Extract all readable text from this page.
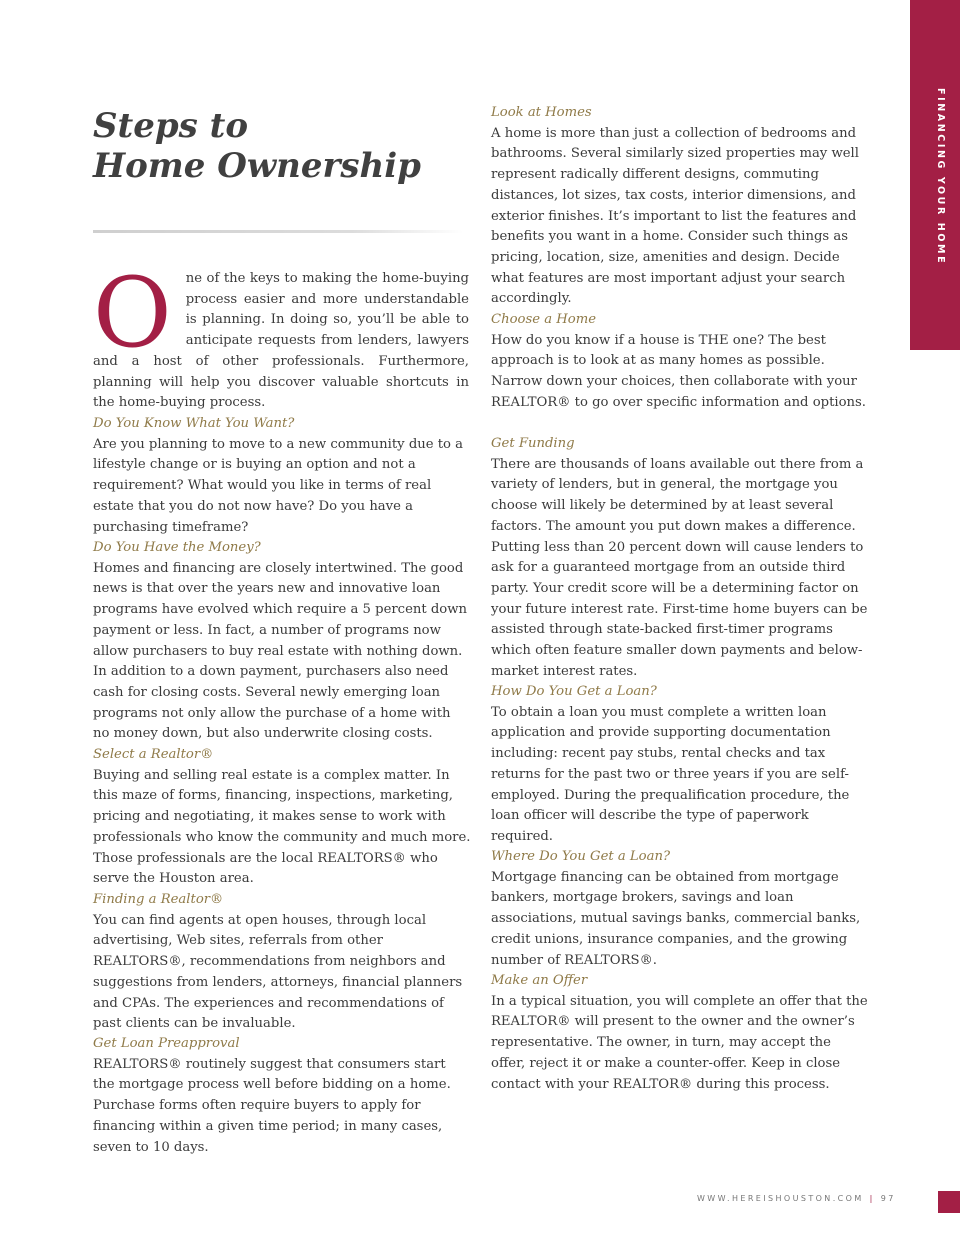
FINANCING YOUR HOME
Steps to
Home Ownership

O ne of the keys to making the home-buying process easier and more understandable is planning. In doing so, you’ll be able to anticipate requests from lenders, lawyers and a host of other professionals. Furthermore, planning will help you discover valuable shortcuts in the home-buying process.

Do You Know What You Want?

Are you planning to move to a new community due to a lifestyle change or is buying an option and not a requirement? What would you like in terms of real estate that you do not now have? Do you have a purchasing timeframe?

Do You Have the Money?

Homes and financing are closely intertwined. The good news is that over the years new and innovative loan programs have evolved which require a 5 percent down payment or less. In fact, a number of programs now allow purchasers to buy real estate with nothing down. In addition to a down payment, purchasers also need cash for closing costs. Several newly emerging loan programs not only allow the purchase of a home with no money down, but also underwrite closing costs.

Select a Realtor®

Buying and selling real estate is a complex matter. In this maze of forms, financing, inspections, marketing, pricing and negotiating, it makes sense to work with professionals who know the community and much more. Those professionals are the local REALTORS® who serve the Houston area.

Finding a Realtor®

You can find agents at open houses, through local advertising, Web sites, referrals from other REALTORS®, recommendations from neighbors and suggestions from lenders, attorneys, financial planners and CPAs. The experiences and recommendations of past clients can be invaluable.

Get Loan Preapproval

REALTORS® routinely suggest that consumers start the mortgage process well before bidding on a home. Purchase forms often require buyers to apply for financing within a given time period; in many cases, seven to 10 days.

Look at Homes

A home is more than just a collection of bedrooms and bathrooms. Several similarly sized properties may well represent radically different designs, commuting distances, lot sizes, tax costs, interior dimensions, and exterior finishes. It’s important to list the features and benefits you want in a home. Consider such things as pricing, location, size, amenities and design. Decide what features are most important adjust your search accordingly.

Choose a Home

How do you know if a house is THE one? The best approach is to look at as many homes as possible. Narrow down your choices, then collaborate with your REALTOR® to go over specific information and options.

Get Funding

There are thousands of loans available out there from a variety of lenders, but in general, the mortgage you choose will likely be determined by at least several factors. The amount you put down makes a difference. Putting less than 20 percent down will cause lenders to ask for a guaranteed mortgage from an outside third party. Your credit score will be a determining factor on your future interest rate. First-time home buyers can be assisted through state-backed first-timer programs which often feature smaller down payments and below-market interest rates.

How Do You Get a Loan?

To obtain a loan you must complete a written loan application and provide supporting documentation including: recent pay stubs, rental checks and tax returns for the past two or three years if you are self-employed. During the prequalification procedure, the loan officer will describe the type of paperwork required.

Where Do You Get a Loan?

Mortgage financing can be obtained from mortgage bankers, mortgage brokers, savings and loan associations, mutual savings banks, commercial banks, credit unions, insurance companies, and the growing number of REALTORS®.

Make an Offer

In a typical situation, you will complete an offer that the REALTOR® will present to the owner and the owner’s representative. The owner, in turn, may accept the offer, reject it or make a counter-offer. Keep in close contact with your REALTOR® during this process.

WWW.HEREISHOUSTON.COM | 97
